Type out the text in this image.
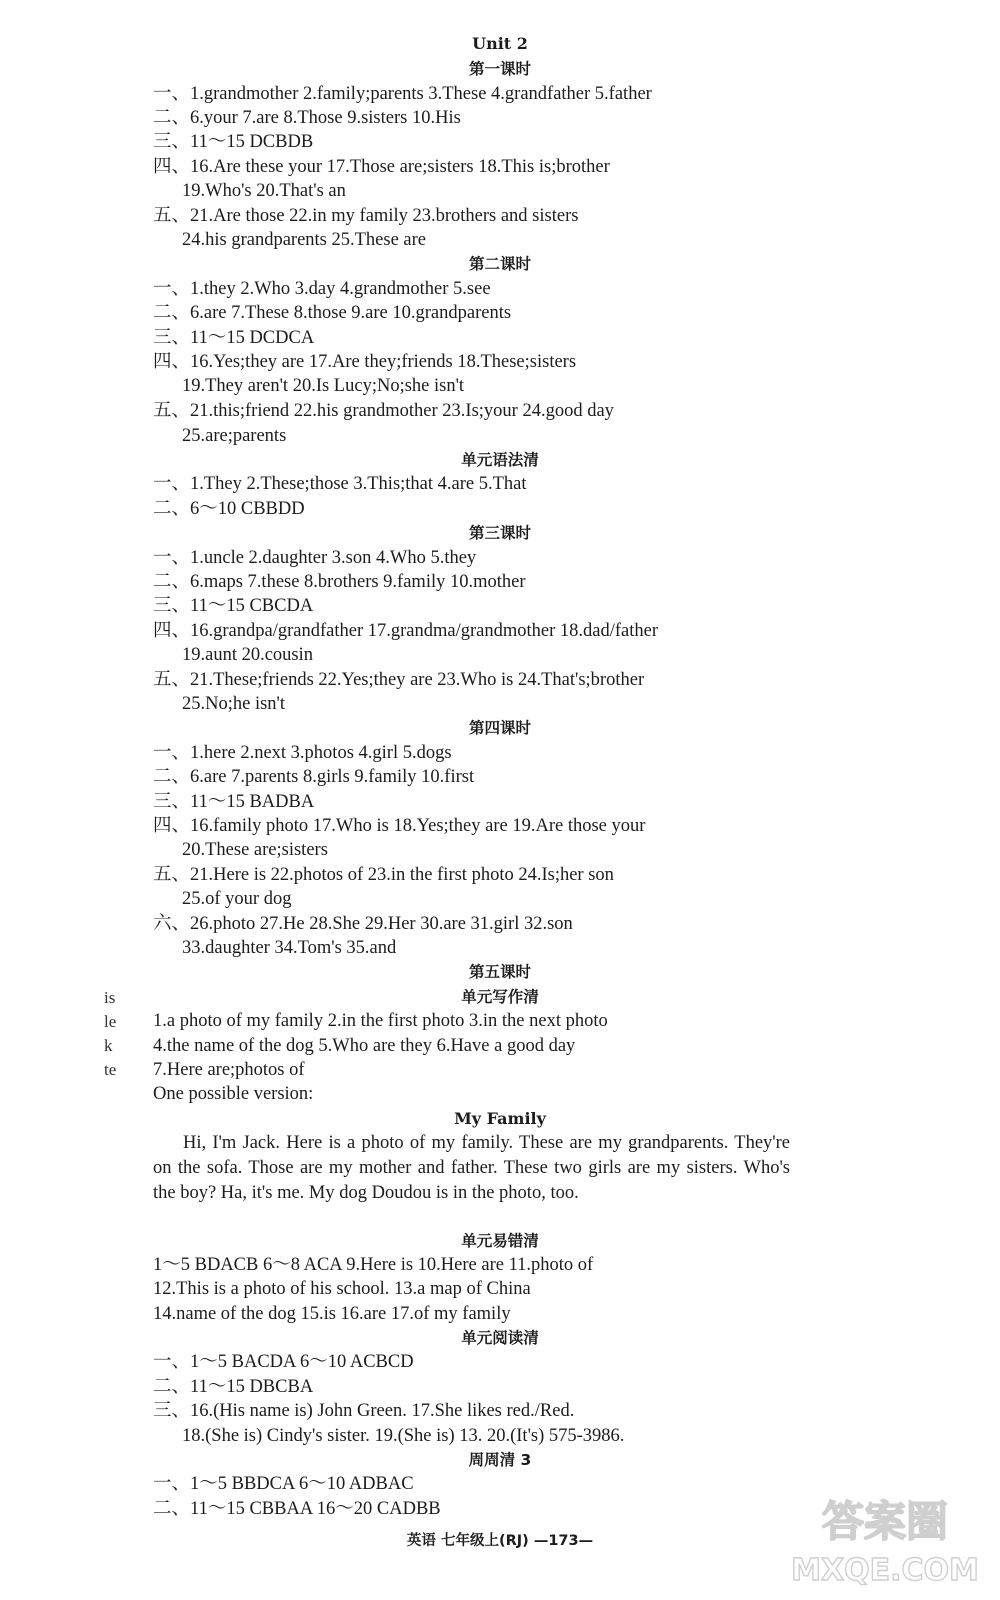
Unit 2
第一课时
一、1.grandmother 2.family;parents 3.These 4.grandfather 5.father
二、6.your 7.are 8.Those 9.sisters 10.His
三、11～15 DCBDB
四、16.Are these your 17.Those are;sisters 18.This is;brother
19.Who's 20.That's an
五、21.Are those 22.in my family 23.brothers and sisters
24.his grandparents 25.These are
第二课时
一、1.they 2.Who 3.day 4.grandmother 5.see
二、6.are 7.These 8.those 9.are 10.grandparents
三、11～15 DCDCA
四、16.Yes;they are 17.Are they;friends 18.These;sisters
19.They aren't 20.Is Lucy;No;she isn't
五、21.this;friend 22.his grandmother 23.Is;your 24.good day
25.are;parents
单元语法清
一、1.They 2.These;those 3.This;that 4.are 5.That
二、6～10 CBBDD
第三课时
一、1.uncle 2.daughter 3.son 4.Who 5.they
二、6.maps 7.these 8.brothers 9.family 10.mother
三、11～15 CBCDA
四、16.grandpa/grandfather 17.grandma/grandmother 18.dad/father
19.aunt 20.cousin
五、21.These;friends 22.Yes;they are 23.Who is 24.That's;brother
25.No;he isn't
第四课时
一、1.here 2.next 3.photos 4.girl 5.dogs
二、6.are 7.parents 8.girls 9.family 10.first
三、11～15 BADBA
四、16.family photo 17.Who is 18.Yes;they are 19.Are those your
20.These are;sisters
五、21.Here is 22.photos of 23.in the first photo 24.Is;her son
25.of your dog
六、26.photo 27.He 28.She 29.Her 30.are 31.girl 32.son
33.daughter 34.Tom's 35.and
第五课时
单元写作清
1.a photo of my family 2.in the first photo 3.in the next photo
4.the name of the dog 5.Who are they 6.Have a good day
7.Here are;photos of
One possible version:
is
le
k
te
My Family
Hi, I'm Jack. Here is a photo of my family. These are my grandparents. They're on the sofa. Those are my mother and father. These two girls are my sisters. Who's the boy? Ha, it's me. My dog Doudou is in the photo, too.
单元易错清
1～5 BDACB 6～8 ACA 9.Here is 10.Here are 11.photo of
12.This is a photo of his school. 13.a map of China
14.name of the dog 15.is 16.are 17.of my family
单元阅读清
一、1～5 BACDA 6～10 ACBCD
二、11～15 DBCBA
三、16.(His name is) John Green. 17.She likes red./Red.
18.(She is) Cindy's sister. 19.(She is) 13. 20.(It's) 575-3986.
周周清 3
一、1～5 BBDCA 6～10 ADBAC
二、11～15 CBBAA 16～20 CADBB
英语 七年级上(RJ) —173—	答案圈
MXQE.COM
